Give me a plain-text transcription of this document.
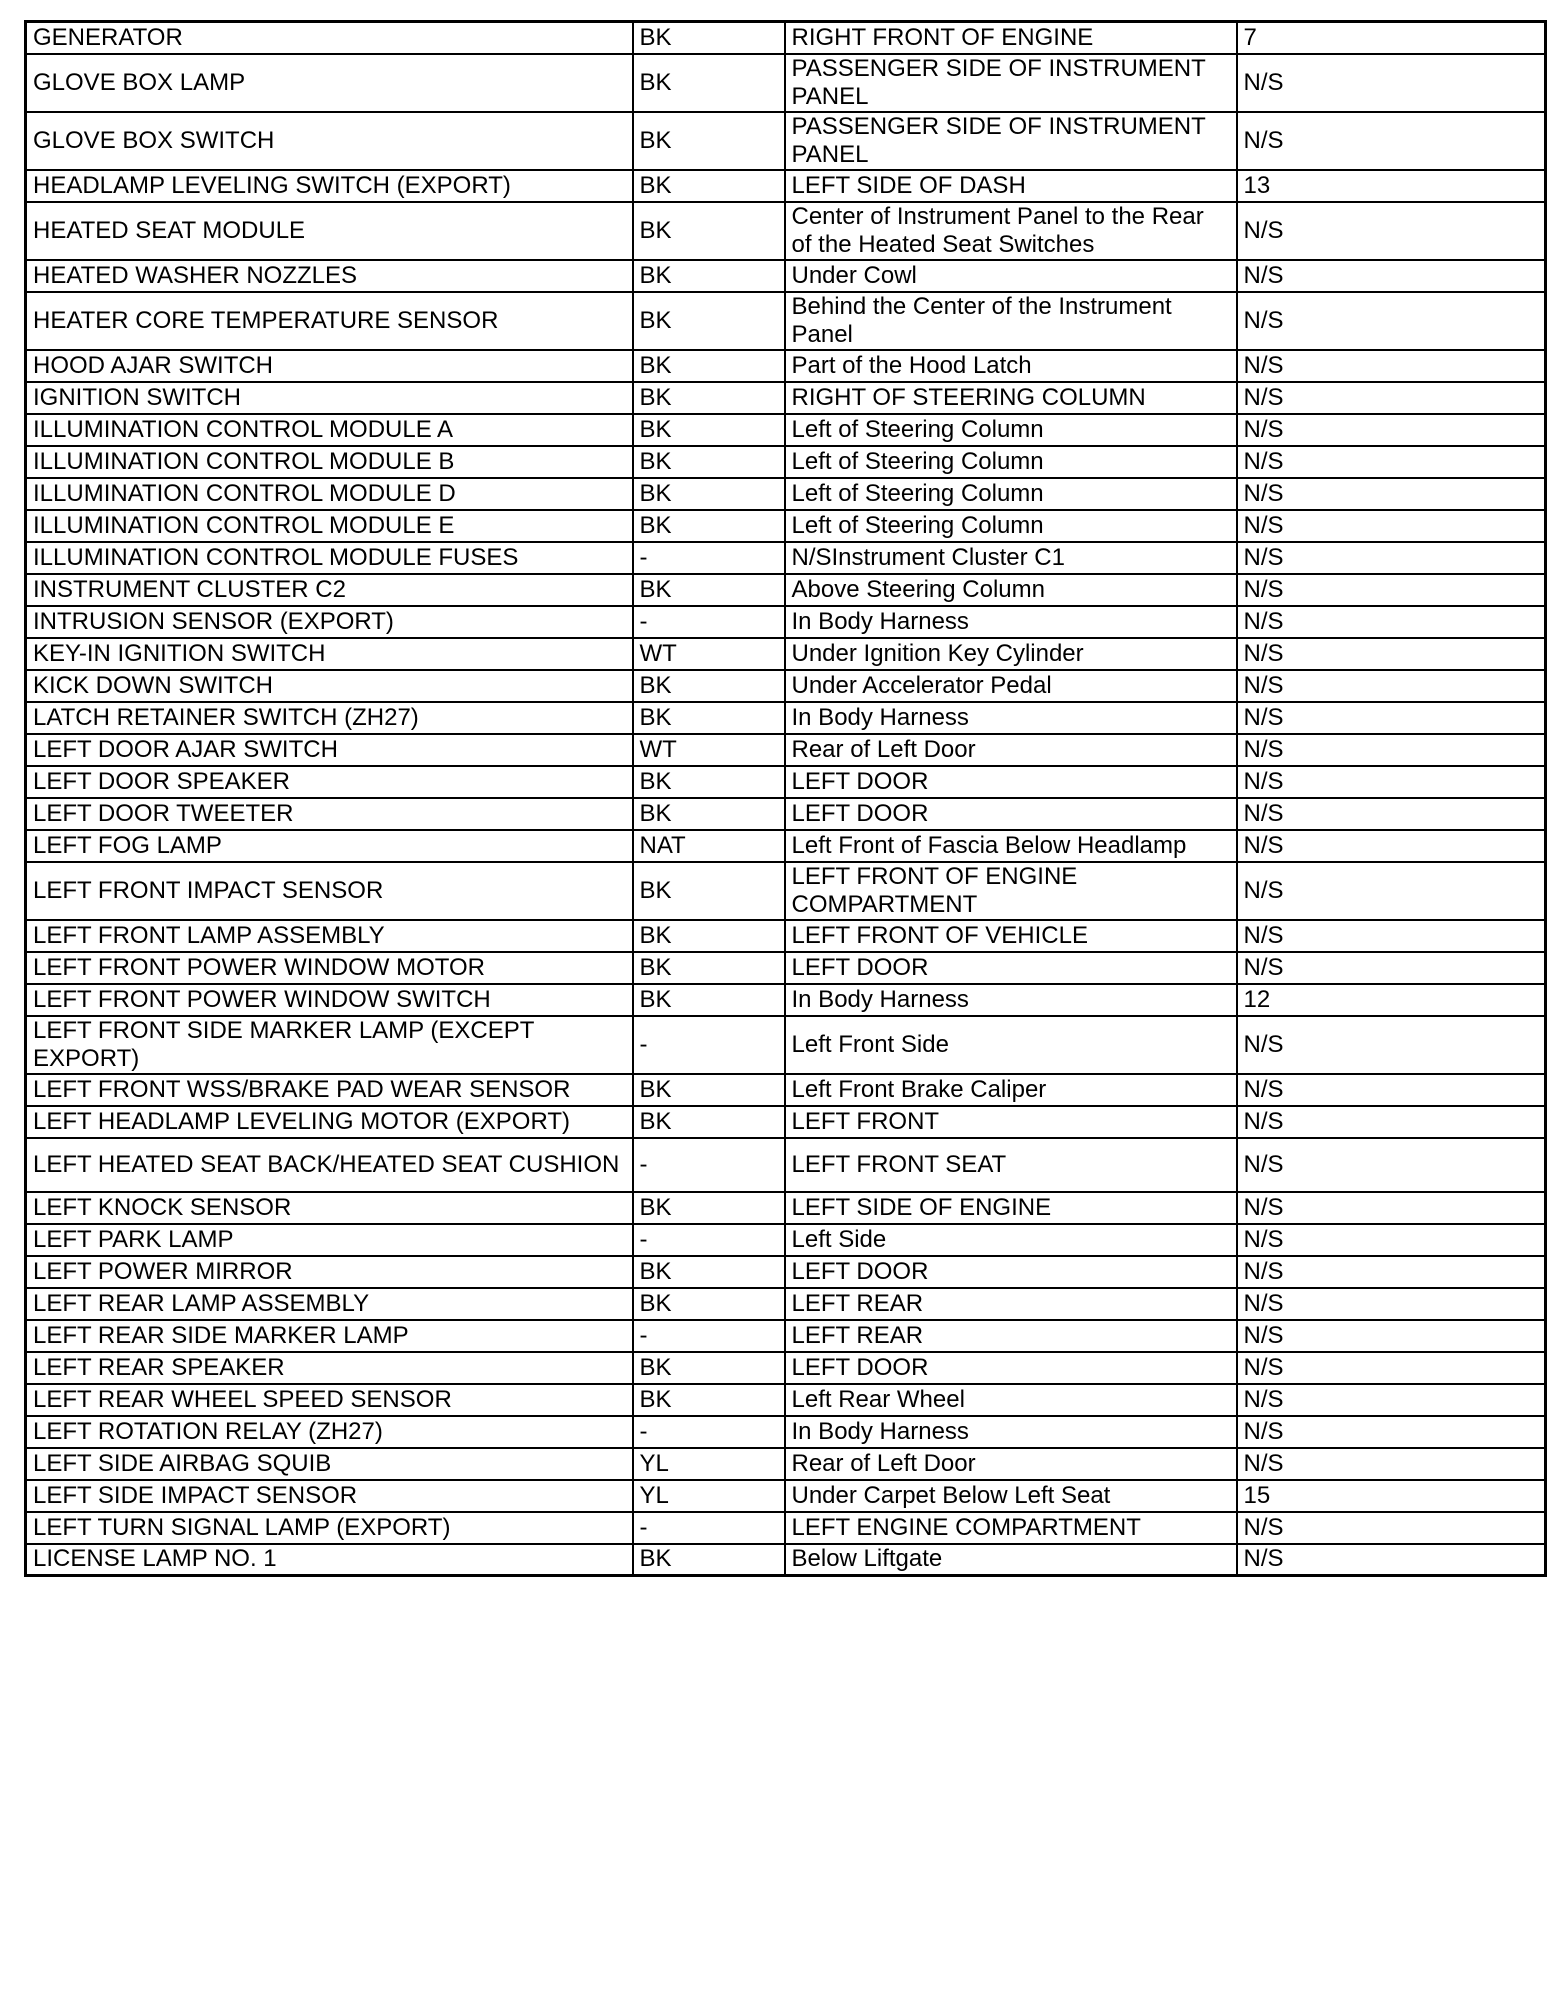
GENERATOR	BK	RIGHT FRONT OF ENGINE	7
GLOVE BOX LAMP	BK	PASSENGER SIDE OF INSTRUMENT PANEL	N/S
GLOVE BOX SWITCH	BK	PASSENGER SIDE OF INSTRUMENT PANEL	N/S
HEADLAMP LEVELING SWITCH (EXPORT)	BK	LEFT SIDE OF DASH	13
HEATED SEAT MODULE	BK	Center of Instrument Panel to the Rear of the Heated Seat Switches	N/S
HEATED WASHER NOZZLES	BK	Under Cowl	N/S
HEATER CORE TEMPERATURE SENSOR	BK	Behind the Center of the Instrument Panel	N/S
HOOD AJAR SWITCH	BK	Part of the Hood Latch	N/S
IGNITION SWITCH	BK	RIGHT OF STEERING COLUMN	N/S
ILLUMINATION CONTROL MODULE A	BK	Left of Steering Column	N/S
ILLUMINATION CONTROL MODULE B	BK	Left of Steering Column	N/S
ILLUMINATION CONTROL MODULE D	BK	Left of Steering Column	N/S
ILLUMINATION CONTROL MODULE E	BK	Left of Steering Column	N/S
ILLUMINATION CONTROL MODULE FUSES	-	N/SInstrument Cluster C1	N/S
INSTRUMENT CLUSTER C2	BK	Above Steering Column	N/S
INTRUSION SENSOR (EXPORT)	-	In Body Harness	N/S
KEY-IN IGNITION SWITCH	WT	Under Ignition Key Cylinder	N/S
KICK DOWN SWITCH	BK	Under Accelerator Pedal	N/S
LATCH RETAINER SWITCH (ZH27)	BK	In Body Harness	N/S
LEFT DOOR AJAR SWITCH	WT	Rear of Left Door	N/S
LEFT DOOR SPEAKER	BK	LEFT DOOR	N/S
LEFT DOOR TWEETER	BK	LEFT DOOR	N/S
LEFT FOG LAMP	NAT	Left Front of Fascia Below Headlamp	N/S
LEFT FRONT IMPACT SENSOR	BK	LEFT FRONT OF ENGINE COMPARTMENT	N/S
LEFT FRONT LAMP ASSEMBLY	BK	LEFT FRONT OF VEHICLE	N/S
LEFT FRONT POWER WINDOW MOTOR	BK	LEFT DOOR	N/S
LEFT FRONT POWER WINDOW SWITCH	BK	In Body Harness	12
LEFT FRONT SIDE MARKER LAMP (EXCEPT EXPORT)	-	Left Front Side	N/S
LEFT FRONT WSS/BRAKE PAD WEAR SENSOR	BK	Left Front Brake Caliper	N/S
LEFT HEADLAMP LEVELING MOTOR (EXPORT)	BK	LEFT FRONT	N/S
LEFT HEATED SEAT BACK/HEATED SEAT CUSHION	-	LEFT FRONT SEAT	N/S
LEFT KNOCK SENSOR	BK	LEFT SIDE OF ENGINE	N/S
LEFT PARK LAMP	-	Left Side	N/S
LEFT POWER MIRROR	BK	LEFT DOOR	N/S
LEFT REAR LAMP ASSEMBLY	BK	LEFT REAR	N/S
LEFT REAR SIDE MARKER LAMP	-	LEFT REAR	N/S
LEFT REAR SPEAKER	BK	LEFT DOOR	N/S
LEFT REAR WHEEL SPEED SENSOR	BK	Left Rear Wheel	N/S
LEFT ROTATION RELAY (ZH27)	-	In Body Harness	N/S
LEFT SIDE AIRBAG SQUIB	YL	Rear of Left Door	N/S
LEFT SIDE IMPACT SENSOR	YL	Under Carpet Below Left Seat	15
LEFT TURN SIGNAL LAMP (EXPORT)	-	LEFT ENGINE COMPARTMENT	N/S
LICENSE LAMP NO. 1	BK	Below Liftgate	N/S
